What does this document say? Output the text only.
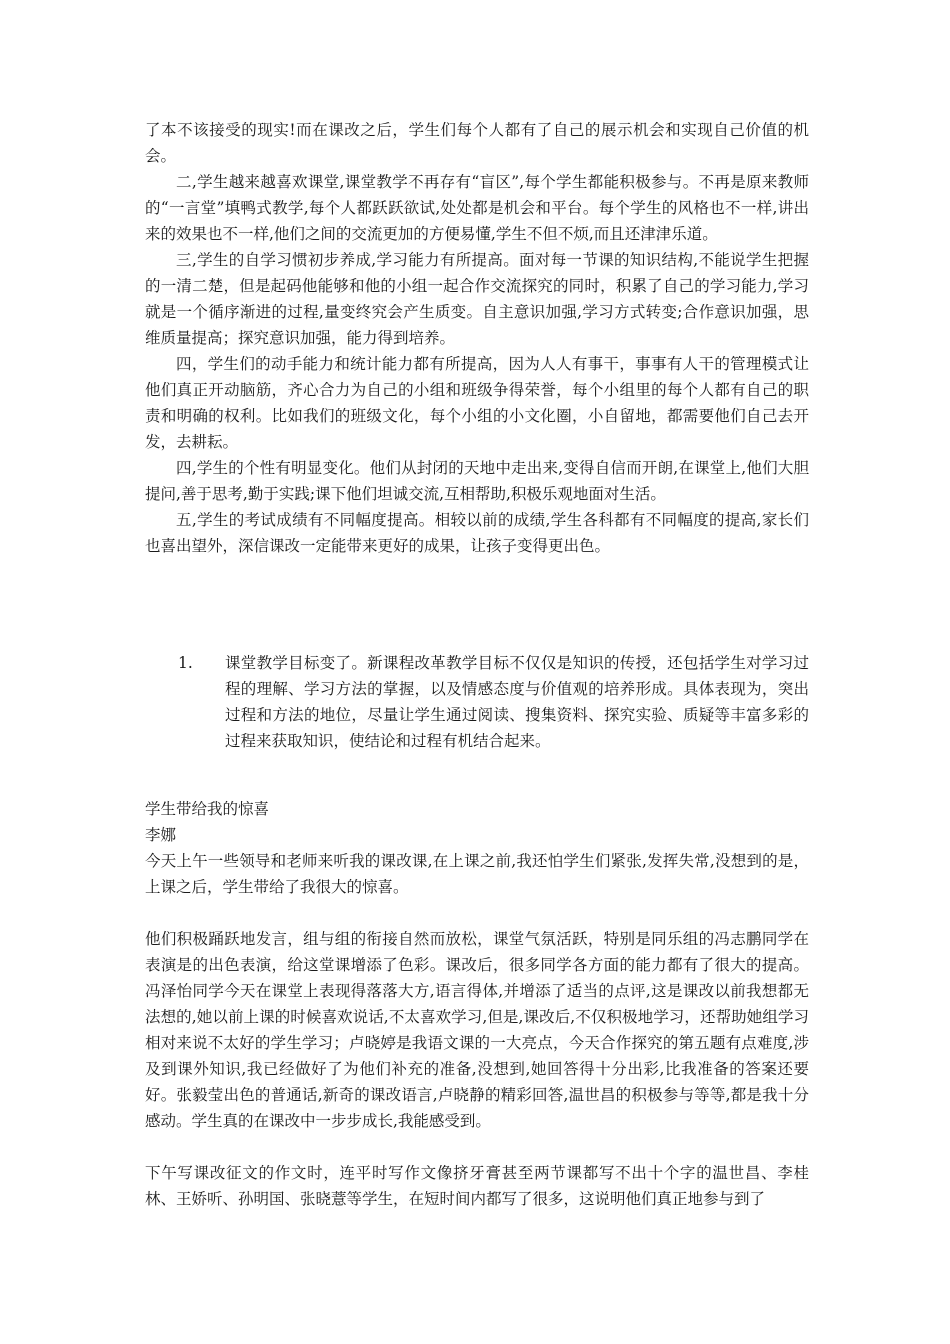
了本不该接受的现实!而在课改之后，学生们每个人都有了自己的展示机会和实现自己价值的机会。

二,学生越来越喜欢课堂,课堂教学不再存有“盲区”,每个学生都能积极参与。不再是原来教师的“一言堂”填鸭式教学,每个人都跃跃欲试,处处都是机会和平台。每个学生的风格也不一样,讲出来的效果也不一样,他们之间的交流更加的方便易懂,学生不但不烦,而且还津津乐道。

三,学生的自学习惯初步养成,学习能力有所提高。面对每一节课的知识结构,不能说学生把握的一清二楚，但是起码他能够和他的小组一起合作交流探究的同时，积累了自己的学习能力,学习就是一个循序渐进的过程,量变终究会产生质变。自主意识加强,学习方式转变;合作意识加强，思维质量提高；探究意识加强，能力得到培养。

四，学生们的动手能力和统计能力都有所提高，因为人人有事干，事事有人干的管理模式让他们真正开动脑筋，齐心合力为自己的小组和班级争得荣誉，每个小组里的每个人都有自己的职责和明确的权利。比如我们的班级文化，每个小组的小文化圈，小自留地，都需要他们自己去开发，去耕耘。

四,学生的个性有明显变化。他们从封闭的天地中走出来,变得自信而开朗,在课堂上,他们大胆提问,善于思考,勤于实践;课下他们坦诚交流,互相帮助,积极乐观地面对生活。

五,学生的考试成绩有不同幅度提高。相较以前的成绩,学生各科都有不同幅度的提高,家长们也喜出望外，深信课改一定能带来更好的成果，让孩子变得更出色。

1. 课堂教学目标变了。新课程改革教学目标不仅仅是知识的传授，还包括学生对学习过程的理解、学习方法的掌握，以及情感态度与价值观的培养形成。具体表现为，突出过程和方法的地位，尽量让学生通过阅读、搜集资料、探究实验、质疑等丰富多彩的过程来获取知识，使结论和过程有机结合起来。

学生带给我的惊喜

李娜

今天上午一些领导和老师来听我的课改课,在上课之前,我还怕学生们紧张,发挥失常,没想到的是，上课之后，学生带给了我很大的惊喜。

他们积极踊跃地发言，组与组的衔接自然而放松，课堂气氛活跃，特别是同乐组的冯志鹏同学在表演是的出色表演，给这堂课增添了色彩。课改后，很多同学各方面的能力都有了很大的提高。冯泽怡同学今天在课堂上表现得落落大方,语言得体,并增添了适当的点评,这是课改以前我想都无法想的,她以前上课的时候喜欢说话,不太喜欢学习,但是,课改后,不仅积极地学习，还帮助她组学习相对来说不太好的学生学习；卢晓婷是我语文课的一大亮点，今天合作探究的第五题有点难度,涉及到课外知识,我已经做好了为他们补充的准备,没想到,她回答得十分出彩,比我准备的答案还要好。张毅莹出色的普通话,新奇的课改语言,卢晓静的精彩回答,温世昌的积极参与等等,都是我十分感动。学生真的在课改中一步步成长,我能感受到。

下午写课改征文的作文时，连平时写作文像挤牙膏甚至两节课都写不出十个字的温世昌、李桂林、王娇听、孙明国、张晓薏等学生，在短时间内都写了很多，这说明他们真正地参与到了
